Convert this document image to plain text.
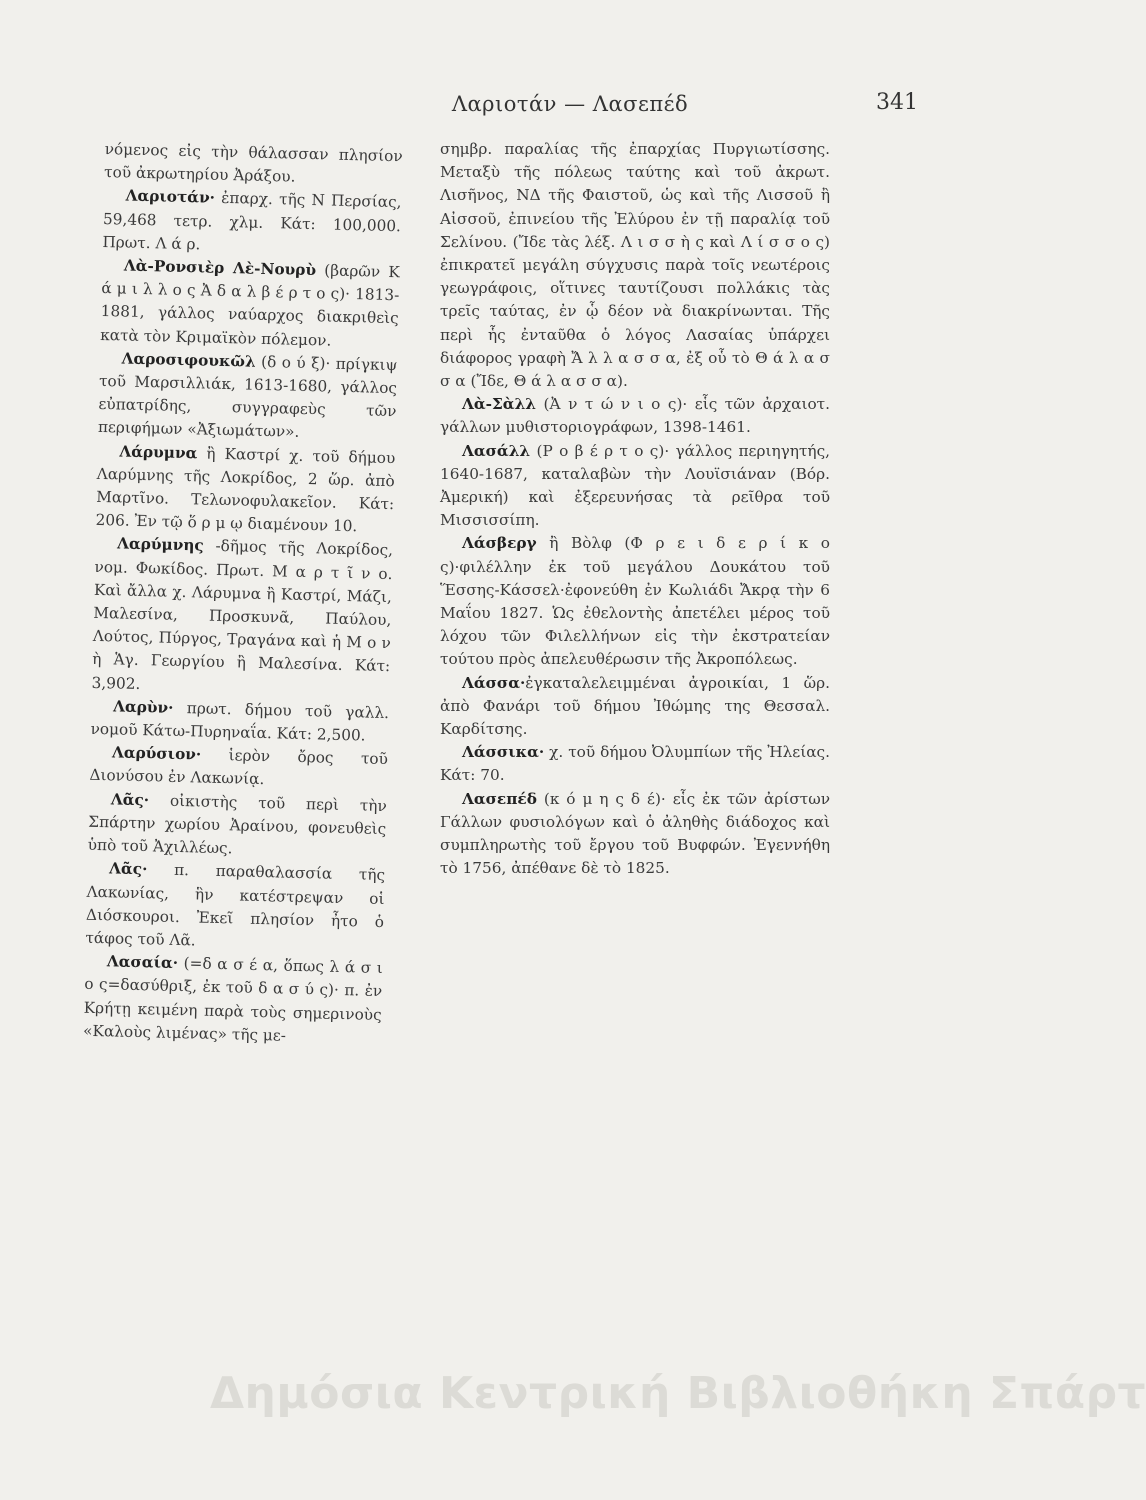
Λαριοτάν — Λασεπέδ	341

νόμενος εἰς τὴν θάλασσαν πλησίον τοῦ ἀκρωτηρίου Ἀράξου.

Λαριοτάν· ἐπαρχ. τῆς Ν Περσίας, 59,468 τετρ. χλμ. Κάτ: 100,000. Πρωτ. Λ ά ρ.

Λὰ-Ρονσιὲρ Λὲ-Νουρὺ (βαρῶν Κ ά μ ι λ λ ο ς Ἀ δ α λ β έ ρ τ ο ς)· 1813-1881, γάλλος ναύαρχος διακριθεὶς κατὰ τὸν Κριμαϊκὸν πόλεμον.

Λαροσιφουκῶλ (δ ο ύ ξ)· πρίγκιψ τοῦ Μαρσιλλιάκ, 1613-1680, γάλλος εὐπατρίδης, συγγραφεὺς τῶν περιφήμων «Ἀξιωμάτων».

Λάρυμνα ἢ Καστρί χ. τοῦ δήμου Λαρύμνης τῆς Λοκρίδος, 2 ὥρ. ἀπὸ Μαρτῖνο. Τελωνοφυλακεῖον. Κάτ: 206. Ἐν τῷ ὅ ρ μ ῳ διαμένουν 10.

Λαρύμνης -δῆμος τῆς Λοκρίδος, νομ. Φωκίδος. Πρωτ. Μ α ρ τ ῖ ν ο. Καὶ ἄλλα χ. Λάρυμνα ἢ Καστρί, Μάζι, Μαλεσίνα, Προσκυνᾶ, Παύλου, Λούτος, Πύργος, Τραγάνα καὶ ἡ Μ ο ν ὴ Ἁγ. Γεωργίου ἢ Μαλεσίνα. Κάτ: 3,902.

Λαρὺν· πρωτ. δήμου τοῦ γαλλ. νομοῦ Κάτω-Πυρηναΐα. Κάτ: 2,500.

Λαρύσιον· ἱερὸν ὄρος τοῦ Διονύσου ἐν Λακωνίᾳ.

Λᾶς· οἰκιστὴς τοῦ περὶ τὴν Σπάρτην χωρίου Ἀραίνου, φονευθεὶς ὑπὸ τοῦ Ἀχιλλέως.

Λᾶς· π. παραθαλασσία τῆς Λακωνίας, ἣν κατέστρεψαν οἱ Διόσκουροι. Ἐκεῖ πλησίον ἦτο ὁ τάφος τοῦ Λᾶ.

Λασαία· (=δ α σ έ α, ὅπως λ ά σ ι ο ς=δασύθριξ, ἐκ τοῦ δ α σ ύ ς)· π. ἐν Κρήτῃ κειμένη παρὰ τοὺς σημερινοὺς «Καλοὺς λιμένας» τῆς με-

σημβρ. παραλίας τῆς ἐπαρχίας Πυργιωτίσσης. Μεταξὺ τῆς πόλεως ταύτης καὶ τοῦ ἀκρωτ. Λισῆνος, ΝΔ τῆς Φαιστοῦ, ὡς καὶ τῆς Λισσοῦ ἢ Αἰσσοῦ, ἐπινείου τῆς Ἐλύρου ἐν τῇ παραλίᾳ τοῦ Σελίνου. (Ἴδε τὰς λέξ. Λ ι σ σ ὴ ς καὶ Λ ί σ σ ο ς) ἐπικρατεῖ μεγάλη σύγχυσις παρὰ τοῖς νεωτέροις γεωγράφοις, οἵτινες ταυτίζουσι πολλάκις τὰς τρεῖς ταύτας, ἐν ᾧ δέον νὰ διακρίνωνται. Τῆς περὶ ἧς ἐνταῦθα ὁ λόγος Λασαίας ὑπάρχει διάφορος γραφὴ Ἄ λ λ α σ σ α, ἐξ οὗ τὸ Θ ά λ α σ σ α (Ἴδε, Θ ά λ α σ σ α).

Λὰ-Σὰλλ (Ἀ ν τ ώ ν ι ο ς)· εἷς τῶν ἀρχαιοτ. γάλλων μυθιστοριογράφων, 1398-1461.

Λασάλλ (Ρ ο β έ ρ τ ο ς)· γάλλος περιηγητής, 1640-1687, καταλαβὼν τὴν Λουϊσιάναν (Βόρ. Ἀμερική) καὶ ἐξερευνήσας τὰ ρεῖθρα τοῦ Μισσισσίπη.

Λάσβεργ ἢ Βὸλφ (Φ ρ ε ι δ ε ρ ί κ ο ς)·φιλέλλην ἐκ τοῦ μεγάλου Δουκάτου τοῦ Ἕσσης-Κάσσελ·ἐφονεύθη ἐν Κωλιάδι Ἄκρᾳ τὴν 6 Μαΐου 1827. Ὡς ἐθελοντὴς ἀπετέλει μέρος τοῦ λόχου τῶν Φιλελλήνων εἰς τὴν ἐκστρατείαν τούτου πρὸς ἀπελευθέρωσιν τῆς Ἀκροπόλεως.

Λάσσα·ἐγκαταλελειμμέναι ἀγροικίαι, 1 ὥρ. ἀπὸ Φανάρι τοῦ δήμου Ἰθώμης της Θεσσαλ. Καρδίτσης.

Λάσσικα· χ. τοῦ δήμου Ὀλυμπίων τῆς Ἠλείας. Κάτ: 70.

Λασεπέδ (κ ό μ η ς δ έ)· εἷς ἐκ τῶν ἀρίστων Γάλλων φυσιολόγων καὶ ὁ ἀληθὴς διάδοχος καὶ συμπληρωτὴς τοῦ ἔργου τοῦ Βυφφών. Ἐγεννήθη τὸ 1756, ἀπέθανε δὲ τὸ 1825.

Δημόσια Κεντρική Βιβλιοθήκη Σπάρτ
